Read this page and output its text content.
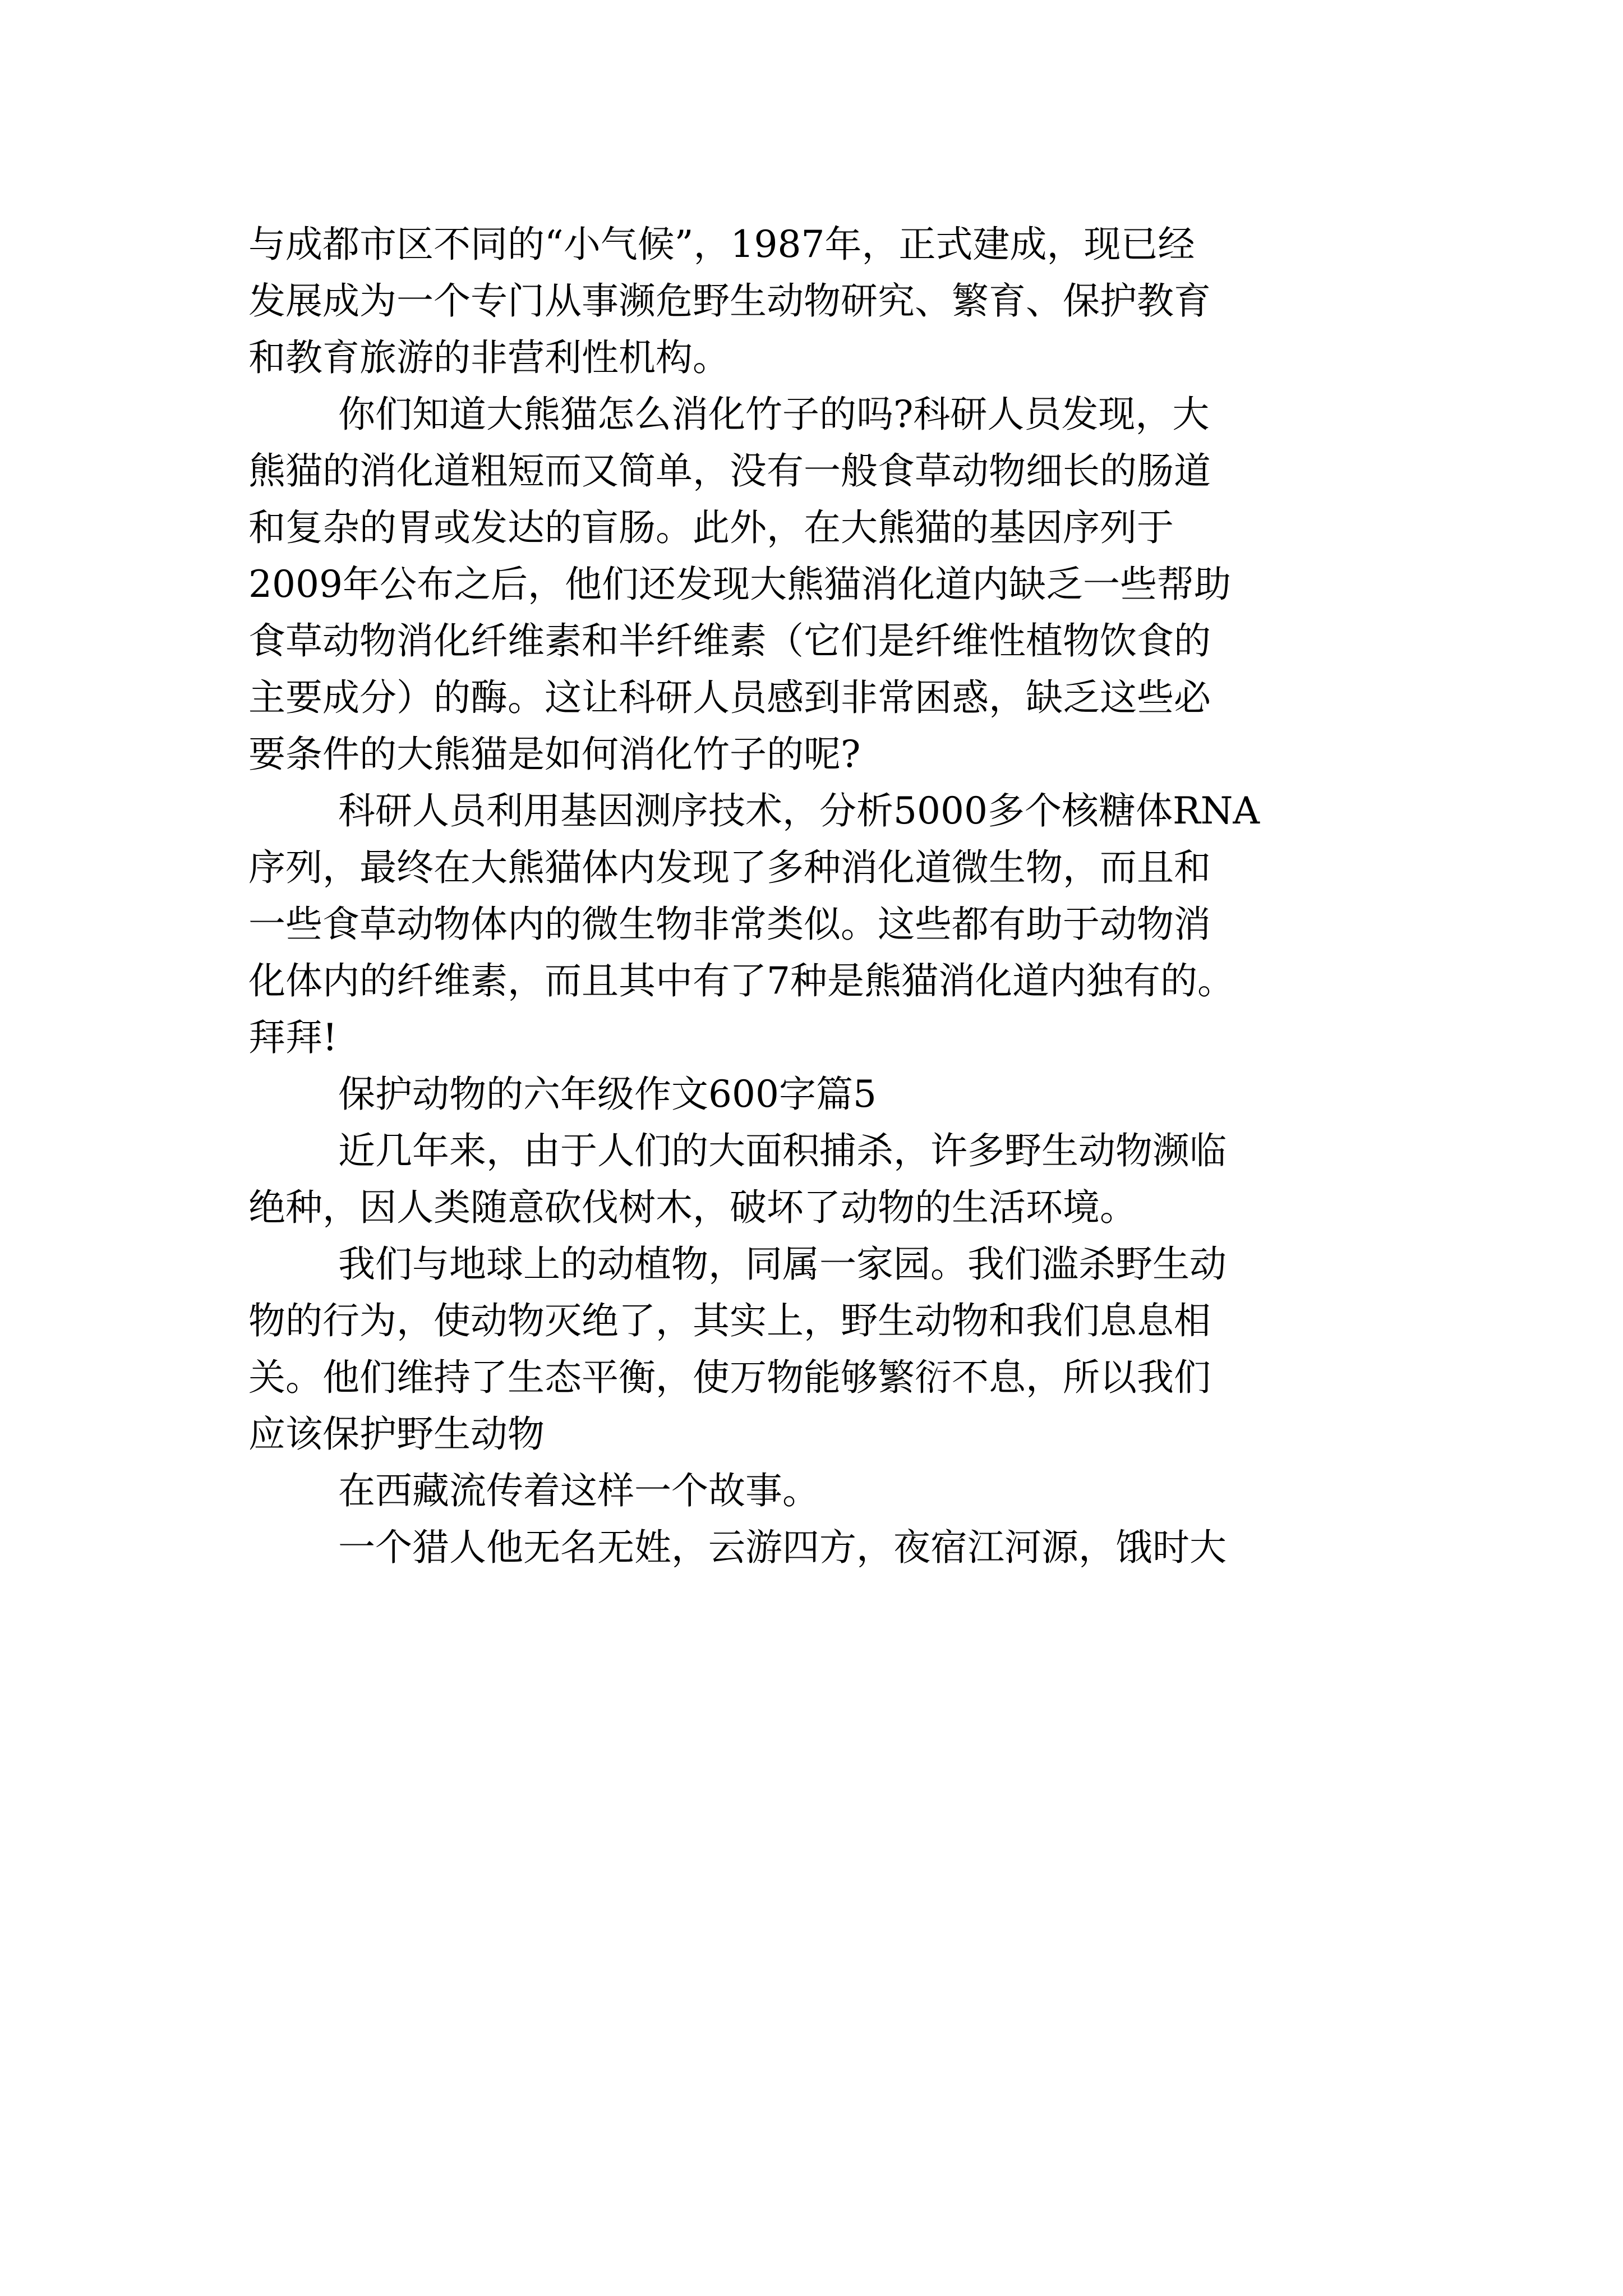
与成都市区不同的“小气候”，1987年，正式建成，现已经
发展成为一个专门从事濒危野生动物研究、繁育、保护教育
和教育旅游的非营利性机构。
你们知道大熊猫怎么消化竹子的吗?科研人员发现，大
熊猫的消化道粗短而又简单，没有一般食草动物细长的肠道
和复杂的胃或发达的盲肠。此外，在大熊猫的基因序列于
2009年公布之后，他们还发现大熊猫消化道内缺乏一些帮助
食草动物消化纤维素和半纤维素（它们是纤维性植物饮食的
主要成分）的酶。这让科研人员感到非常困惑，缺乏这些必
要条件的大熊猫是如何消化竹子的呢?
科研人员利用基因测序技术，分析5000多个核糖体RNA
序列，最终在大熊猫体内发现了多种消化道微生物，而且和
一些食草动物体内的微生物非常类似。这些都有助于动物消
化体内的纤维素，而且其中有了7种是熊猫消化道内独有的。
拜拜!
保护动物的六年级作文600字篇5
近几年来，由于人们的大面积捕杀，许多野生动物濒临
绝种，因人类随意砍伐树木，破坏了动物的生活环境。
我们与地球上的动植物，同属一家园。我们滥杀野生动
物的行为，使动物灭绝了，其实上，野生动物和我们息息相
关。他们维持了生态平衡，使万物能够繁衍不息，所以我们
应该保护野生动物
在西藏流传着这样一个故事。
一个猎人他无名无姓，云游四方，夜宿江河源，饿时大
